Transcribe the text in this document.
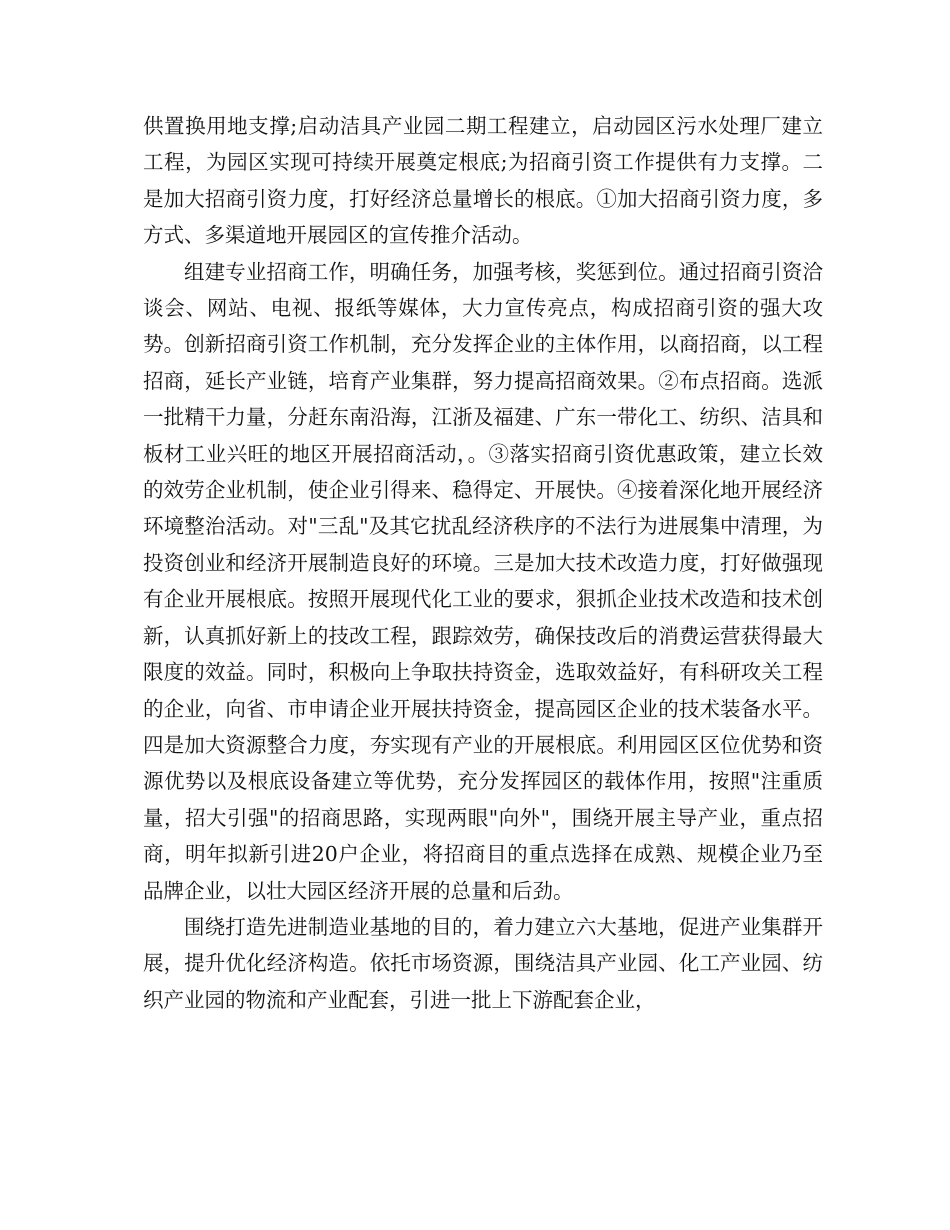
供置换用地支撑;启动洁具产业园二期工程建立，启动园区污水处理厂建立工程，为园区实现可持续开展奠定根底;为招商引资工作提供有力支撑。二是加大招商引资力度，打好经济总量增长的根底。①加大招商引资力度，多方式、多渠道地开展园区的宣传推介活动。

组建专业招商工作，明确任务，加强考核，奖惩到位。通过招商引资洽谈会、网站、电视、报纸等媒体，大力宣传亮点，构成招商引资的强大攻势。创新招商引资工作机制，充分发挥企业的主体作用，以商招商，以工程招商，延长产业链，培育产业集群，努力提高招商效果。②布点招商。选派一批精干力量，分赶东南沿海，江浙及福建、广东一带化工、纺织、洁具和板材工业兴旺的地区开展招商活动，。③落实招商引资优惠政策，建立长效的效劳企业机制，使企业引得来、稳得定、开展快。④接着深化地开展经济环境整治活动。对"三乱"及其它扰乱经济秩序的不法行为进展集中清理，为投资创业和经济开展制造良好的环境。三是加大技术改造力度，打好做强现有企业开展根底。按照开展现代化工业的要求，狠抓企业技术改造和技术创新，认真抓好新上的技改工程，跟踪效劳，确保技改后的消费运营获得最大限度的效益。同时，积极向上争取扶持资金，选取效益好，有科研攻关工程的企业，向省、市申请企业开展扶持资金，提高园区企业的技术装备水平。四是加大资源整合力度，夯实现有产业的开展根底。利用园区区位优势和资源优势以及根底设备建立等优势，充分发挥园区的载体作用，按照"注重质量，招大引强"的招商思路，实现两眼"向外"，围绕开展主导产业，重点招商，明年拟新引进20户企业，将招商目的重点选择在成熟、规模企业乃至品牌企业，以壮大园区经济开展的总量和后劲。

围绕打造先进制造业基地的目的，着力建立六大基地，促进产业集群开展，提升优化经济构造。依托市场资源，围绕洁具产业园、化工产业园、纺织产业园的物流和产业配套，引进一批上下游配套企业，
